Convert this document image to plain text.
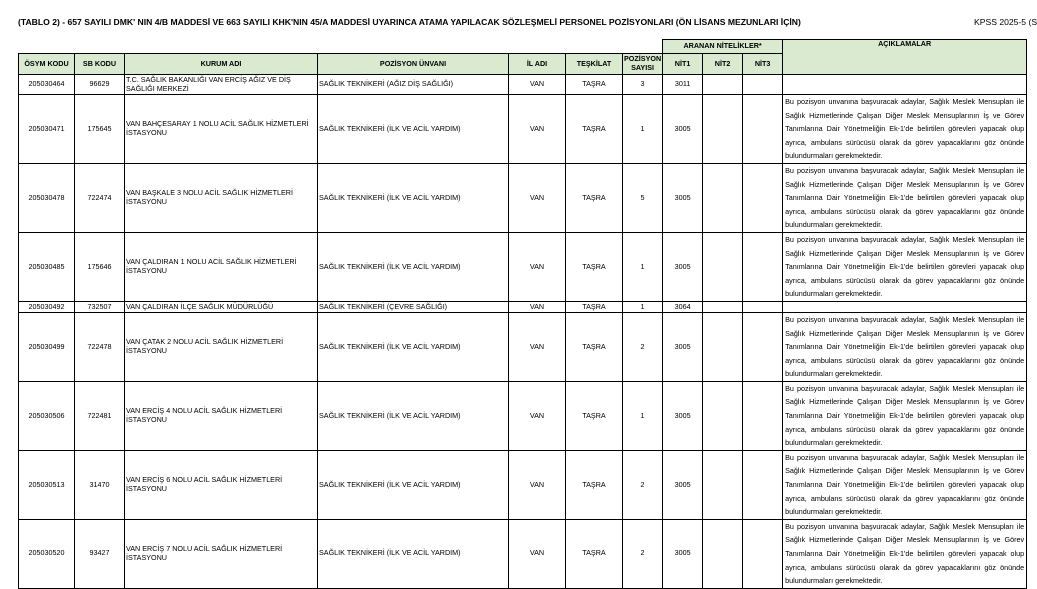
(TABLO 2) - 657 SAYILI DMK' NIN 4/B MADDESİ VE 663 SAYILI KHK'NIN 45/A MADDESİ UYARINCA ATAMA YAPILACAK SÖZLEŞMELİ PERSONEL POZİSYONLARI (ÖN LİSANS MEZUNLARI İÇİN)	KPSS 2025-5 (S
							ARANAN NİTELİKLER*			AÇIKLAMALAR
ÖSYM KODU	SB KODU	KURUM ADI	POZİSYON ÜNVANI	İL ADI	TEŞKİLAT	POZİSYON SAYISI	NİT1	NİT2	NİT3	
205030464	96629	T.C. SAĞLIK BAKANLIĞI VAN ERCİŞ AĞIZ VE DİŞ SAĞLIĞI MERKEZİ	SAĞLIK TEKNİKERİ (AĞIZ DİŞ SAĞLIĞI)	VAN	TAŞRA	3	3011			
205030471	175645	VAN BAHÇESARAY 1 NOLU ACİL SAĞLIK HİZMETLERİ İSTASYONU	SAĞLIK TEKNİKERİ (İLK VE ACİL YARDIM)	VAN	TAŞRA	1	3005			Bu pozisyon unvanına başvuracak adaylar, Sağlık Meslek Mensupları ile Sağlık Hizmetlerinde Çalışan Diğer Meslek Mensuplarının İş ve Görev Tanımlarına Dair Yönetmeliğin Ek-1'de belirtilen görevleri yapacak olup ayrıca, ambulans sürücüsü olarak da görev yapacaklarını göz önünde bulundurmaları gerekmektedir.
205030478	722474	VAN BAŞKALE 3 NOLU ACİL SAĞLIK HİZMETLERİ İSTASYONU	SAĞLIK TEKNİKERİ (İLK VE ACİL YARDIM)	VAN	TAŞRA	5	3005			Bu pozisyon unvanına başvuracak adaylar, Sağlık Meslek Mensupları ile Sağlık Hizmetlerinde Çalışan Diğer Meslek Mensuplarının İş ve Görev Tanımlarına Dair Yönetmeliğin Ek-1'de belirtilen görevleri yapacak olup ayrıca, ambulans sürücüsü olarak da görev yapacaklarını göz önünde bulundurmaları gerekmektedir.
205030485	175646	VAN ÇALDIRAN 1 NOLU ACİL SAĞLIK HİZMETLERİ İSTASYONU	SAĞLIK TEKNİKERİ (İLK VE ACİL YARDIM)	VAN	TAŞRA	1	3005			Bu pozisyon unvanına başvuracak adaylar, Sağlık Meslek Mensupları ile Sağlık Hizmetlerinde Çalışan Diğer Meslek Mensuplarının İş ve Görev Tanımlarına Dair Yönetmeliğin Ek-1'de belirtilen görevleri yapacak olup ayrıca, ambulans sürücüsü olarak da görev yapacaklarını göz önünde bulundurmaları gerekmektedir.
205030492	732507	VAN ÇALDIRAN İLÇE SAĞLIK MÜDÜRLÜĞÜ	SAĞLIK TEKNİKERİ (ÇEVRE SAĞLIĞI)	VAN	TAŞRA	1	3064			
205030499	722478	VAN ÇATAK 2 NOLU ACİL SAĞLIK HİZMETLERİ İSTASYONU	SAĞLIK TEKNİKERİ (İLK VE ACİL YARDIM)	VAN	TAŞRA	2	3005			Bu pozisyon unvanına başvuracak adaylar, Sağlık Meslek Mensupları ile Sağlık Hizmetlerinde Çalışan Diğer Meslek Mensuplarının İş ve Görev Tanımlarına Dair Yönetmeliğin Ek-1'de belirtilen görevleri yapacak olup ayrıca, ambulans sürücüsü olarak da görev yapacaklarını göz önünde bulundurmaları gerekmektedir.
205030506	722481	VAN ERCİŞ 4 NOLU ACİL SAĞLIK HİZMETLERİ İSTASYONU	SAĞLIK TEKNİKERİ (İLK VE ACİL YARDIM)	VAN	TAŞRA	1	3005			Bu pozisyon unvanına başvuracak adaylar, Sağlık Meslek Mensupları ile Sağlık Hizmetlerinde Çalışan Diğer Meslek Mensuplarının İş ve Görev Tanımlarına Dair Yönetmeliğin Ek-1'de belirtilen görevleri yapacak olup ayrıca, ambulans sürücüsü olarak da görev yapacaklarını göz önünde bulundurmaları gerekmektedir.
205030513	31470	VAN ERCİŞ 6 NOLU ACİL SAĞLIK HİZMETLERİ İSTASYONU	SAĞLIK TEKNİKERİ (İLK VE ACİL YARDIM)	VAN	TAŞRA	2	3005			Bu pozisyon unvanına başvuracak adaylar, Sağlık Meslek Mensupları ile Sağlık Hizmetlerinde Çalışan Diğer Meslek Mensuplarının İş ve Görev Tanımlarına Dair Yönetmeliğin Ek-1'de belirtilen görevleri yapacak olup ayrıca, ambulans sürücüsü olarak da görev yapacaklarını göz önünde bulundurmaları gerekmektedir.
205030520	93427	VAN ERCİŞ 7 NOLU ACİL SAĞLIK HİZMETLERİ İSTASYONU	SAĞLIK TEKNİKERİ (İLK VE ACİL YARDIM)	VAN	TAŞRA	2	3005			Bu pozisyon unvanına başvuracak adaylar, Sağlık Meslek Mensupları ile Sağlık Hizmetlerinde Çalışan Diğer Meslek Mensuplarının İş ve Görev Tanımlarına Dair Yönetmeliğin Ek-1'de belirtilen görevleri yapacak olup ayrıca, ambulans sürücüsü olarak da görev yapacaklarını göz önünde bulundurmaları gerekmektedir.
